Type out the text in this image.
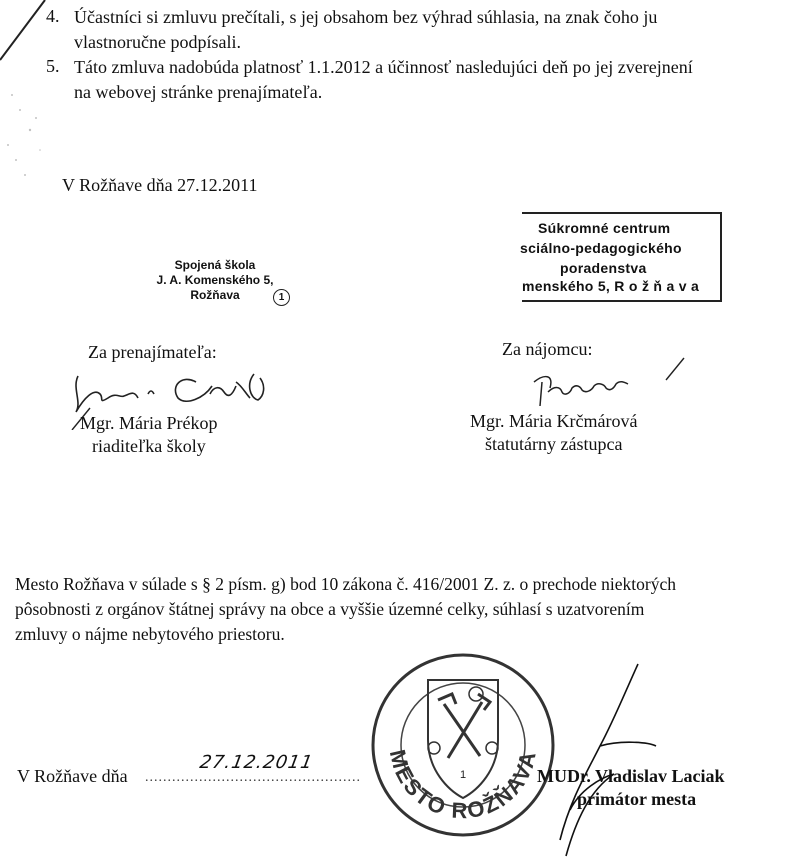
4. Účastníci si zmluvu prečítali, s jej obsahom bez výhrad súhlasia, na znak čoho ju
vlastnoručne podpísali.
5. Táto zmluva nadobúda platnosť 1.1.2012 a účinnosť nasledujúci deň po jej zverejnení
na webovej stránke prenajímateľa.
V Rožňave dňa 27.12.2011
Spojená škola
J. A. Komenského 5,
Rožňava	1
Súkromné centrum
sciálno-pedagogického
poradenstva
menského 5, R o ž ň a v a
Za prenajímateľa:
Mgr. Mária Prékop
riaditeľka školy
Za nájomcu:
Mgr. Mária Krčmárová
štatutárny zástupca
Mesto Rožňava v súlade s § 2 písm. g) bod 10 zákona č. 416/2001 Z. z. o prechode niektorých
pôsobnosti z orgánov štátnej správy na obce a vyššie územné celky, súhlasí s uzatvorením
zmluvy o nájme nebytového priestoru.
1
MESTO ROŽŇAVA
V Rožňave dňa ................................................
27.12.2011
MUDr. Vladislav Laciak
primátor mesta
